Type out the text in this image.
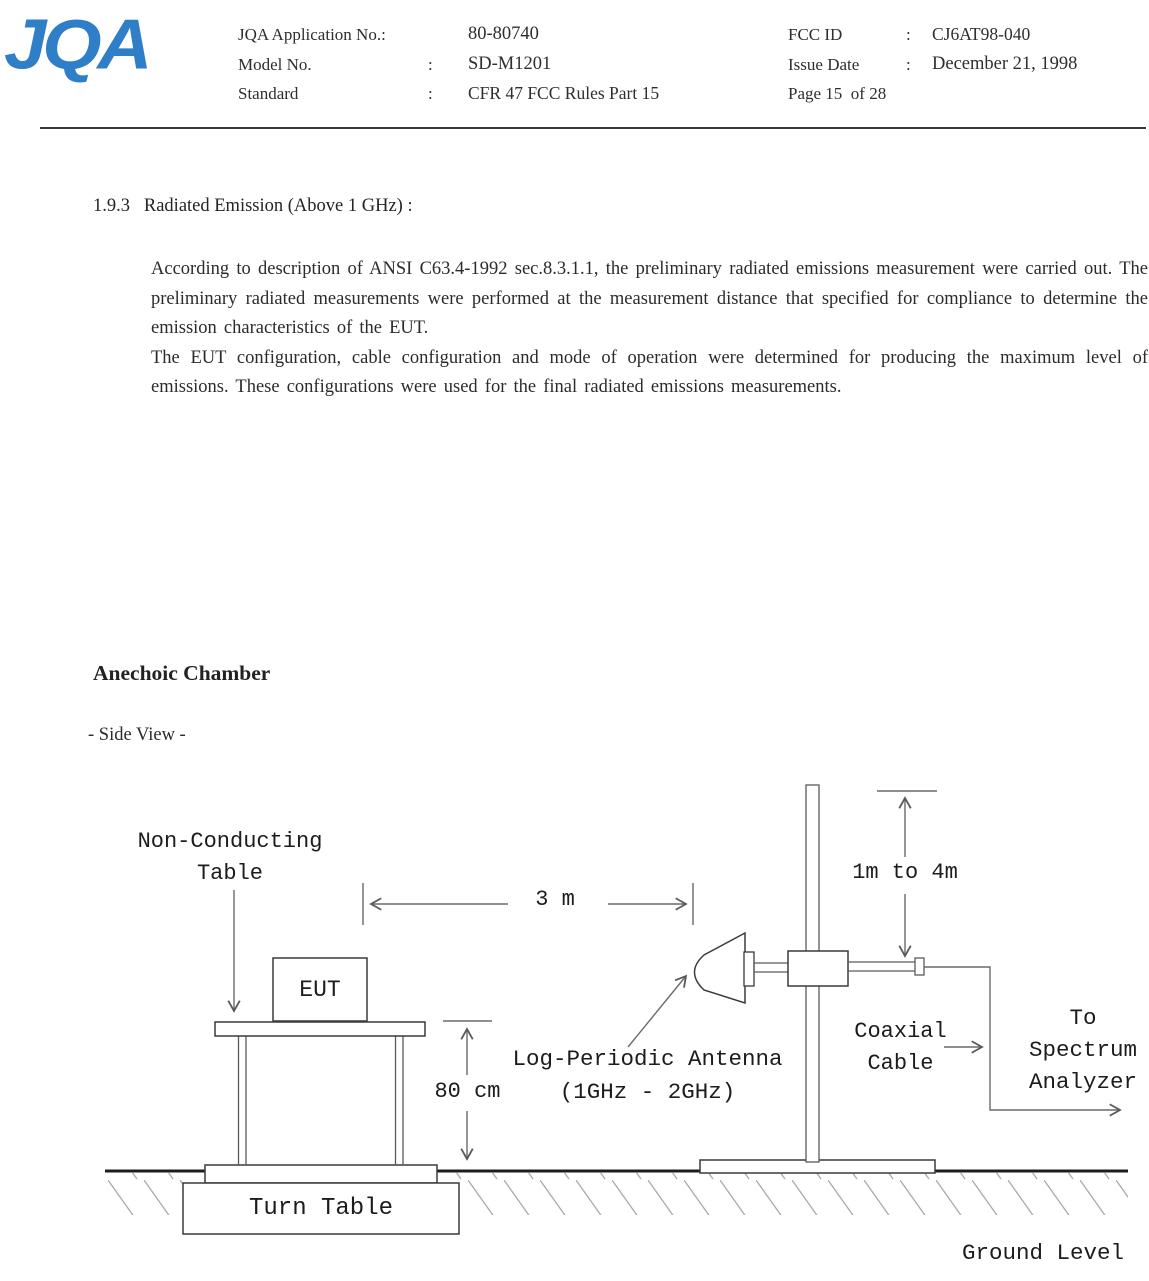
JQA	JQA Application No.:	80-80740
Model No.	:	SD-M1201
Standard	:	CFR 47 FCC Rules Part 15
FCC ID	:	CJ6AT98-040
Issue Date	:	December 21, 1998
Page 15  of 28
1.9.3   Radiated Emission (Above 1 GHz) :

According to description of ANSI C63.4-1992 sec.8.3.1.1, the preliminary radiated emissions measurement were carried out. The preliminary radiated measurements were performed at the measurement distance that specified for compliance to determine the emission characteristics of the EUT.

The EUT configuration, cable configuration and mode of operation were determined for producing the maximum level of emissions. These configurations were used for the final radiated emissions measurements.

Anechoic Chamber
- Side View -
Non-Conducting
Table
3 m
EUT
80 cm
Turn Table
Log-Periodic Antenna
(1GHz - 2GHz)
1m to 4m
Coaxial
Cable
To
Spectrum
Analyzer
Ground Level
